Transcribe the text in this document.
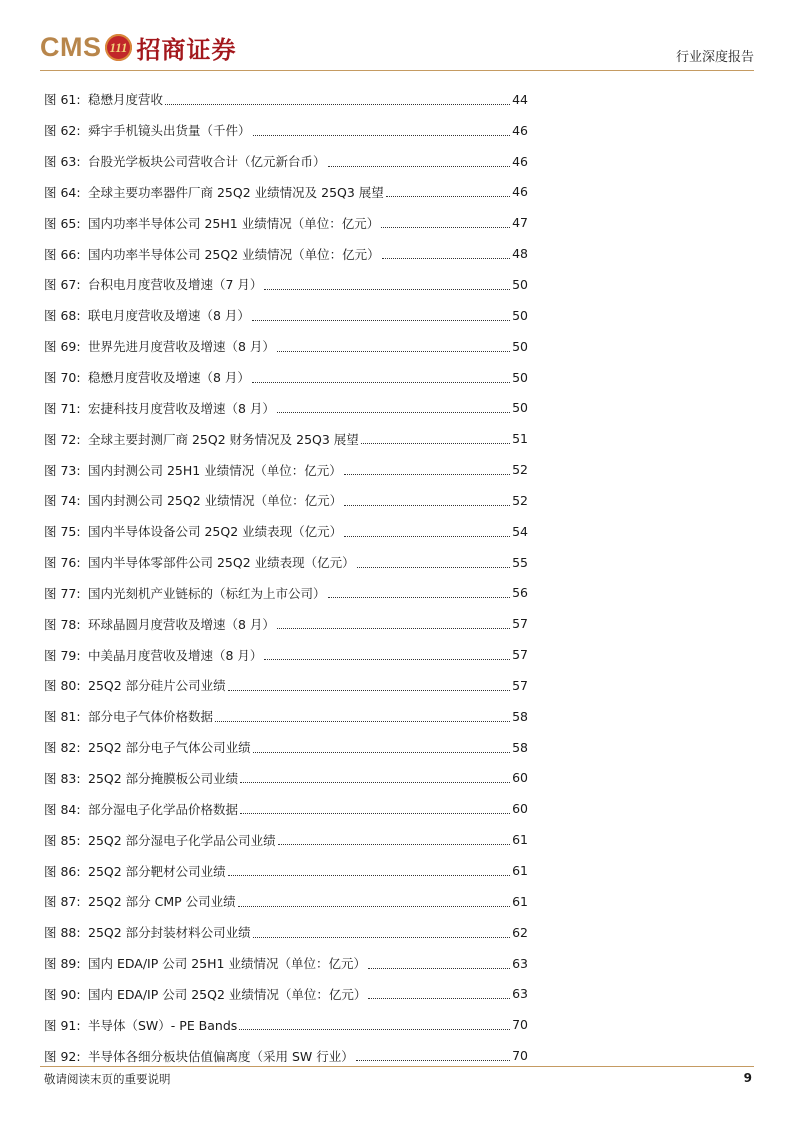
CMS 111 招商证券	行业深度报告
图 61: 稳懋月度营收	44
图 62: 舜宇手机镜头出货量（千件）	46
图 63: 台股光学板块公司营收合计（亿元新台币）	46
图 64: 全球主要功率器件厂商 25Q2 业绩情况及 25Q3 展望	46
图 65: 国内功率半导体公司 25H1 业绩情况（单位：亿元）	47
图 66: 国内功率半导体公司 25Q2 业绩情况（单位：亿元）	48
图 67: 台积电月度营收及增速（7 月）	50
图 68: 联电月度营收及增速（8 月）	50
图 69: 世界先进月度营收及增速（8 月）	50
图 70: 稳懋月度营收及增速（8 月）	50
图 71: 宏捷科技月度营收及增速（8 月）	50
图 72: 全球主要封测厂商 25Q2 财务情况及 25Q3 展望	51
图 73: 国内封测公司 25H1 业绩情况（单位：亿元）	52
图 74: 国内封测公司 25Q2 业绩情况（单位：亿元）	52
图 75: 国内半导体设备公司 25Q2 业绩表现（亿元）	54
图 76: 国内半导体零部件公司 25Q2 业绩表现（亿元）	55
图 77: 国内光刻机产业链标的（标红为上市公司）	56
图 78: 环球晶圆月度营收及增速（8 月）	57
图 79: 中美晶月度营收及增速（8 月）	57
图 80: 25Q2 部分硅片公司业绩	57
图 81: 部分电子气体价格数据	58
图 82: 25Q2 部分电子气体公司业绩	58
图 83: 25Q2 部分掩膜板公司业绩	60
图 84: 部分湿电子化学品价格数据	60
图 85: 25Q2 部分湿电子化学品公司业绩	61
图 86: 25Q2 部分靶材公司业绩	61
图 87: 25Q2 部分 CMP 公司业绩	61
图 88: 25Q2 部分封装材料公司业绩	62
图 89: 国内 EDA/IP 公司 25H1 业绩情况（单位：亿元）	63
图 90: 国内 EDA/IP 公司 25Q2 业绩情况（单位：亿元）	63
图 91: 半导体（SW）- PE Bands	70
图 92: 半导体各细分板块估值偏离度（采用 SW 行业）	70
敬请阅读末页的重要说明	9
